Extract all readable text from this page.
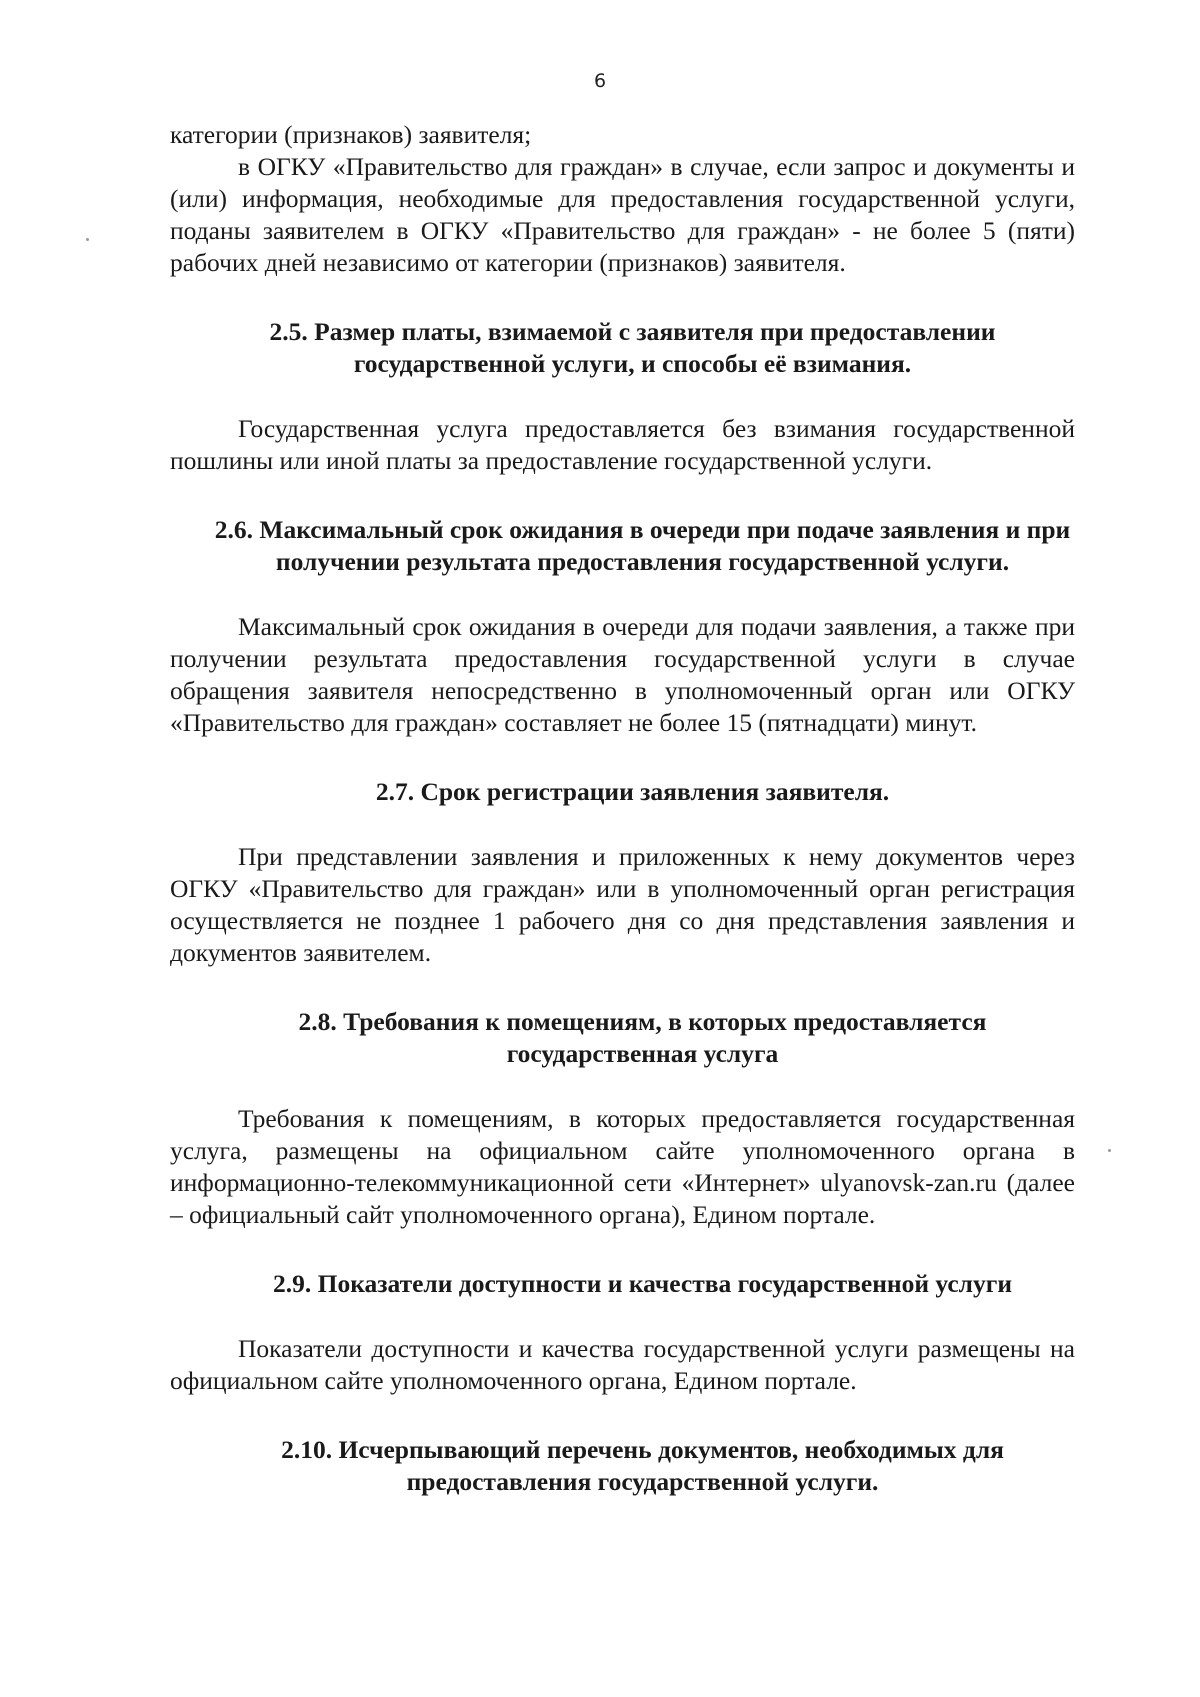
6

категории (признаков) заявителя;

в ОГКУ «Правительство для граждан» в случае, если запрос и документы и (или) информация, необходимые для предоставления государственной услуги, поданы заявителем в ОГКУ «Правительство для граждан» - не более 5 (пяти) рабочих дней независимо от категории (признаков) заявителя.

2.5. Размер платы, взимаемой с заявителя при предоставлении государственной услуги, и способы её взимания.

Государственная услуга предоставляется без взимания государственной пошлины или иной платы за предоставление государственной услуги.

2.6. Максимальный срок ожидания в очереди при подаче заявления и при получении результата предоставления государственной услуги.

Максимальный срок ожидания в очереди для подачи заявления, а также при получении результата предоставления государственной услуги в случае обращения заявителя непосредственно в уполномоченный орган или ОГКУ «Правительство для граждан» составляет не более 15 (пятнадцати) минут.

2.7. Срок регистрации заявления заявителя.

При представлении заявления и приложенных к нему документов через ОГКУ «Правительство для граждан» или в уполномоченный орган регистрация осуществляется не позднее 1 рабочего дня со дня представления заявления и документов заявителем.

2.8. Требования к помещениям, в которых предоставляется государственная услуга

Требования к помещениям, в которых предоставляется государственная услуга, размещены на официальном сайте уполномоченного органа в информационно-телекоммуникационной сети «Интернет» ulyanovsk-zan.ru (далее – официальный сайт уполномоченного органа), Едином портале.

2.9. Показатели доступности и качества государственной услуги

Показатели доступности и качества государственной услуги размещены на официальном сайте уполномоченного органа, Едином портале.

2.10. Исчерпывающий перечень документов, необходимых для предоставления государственной услуги.
